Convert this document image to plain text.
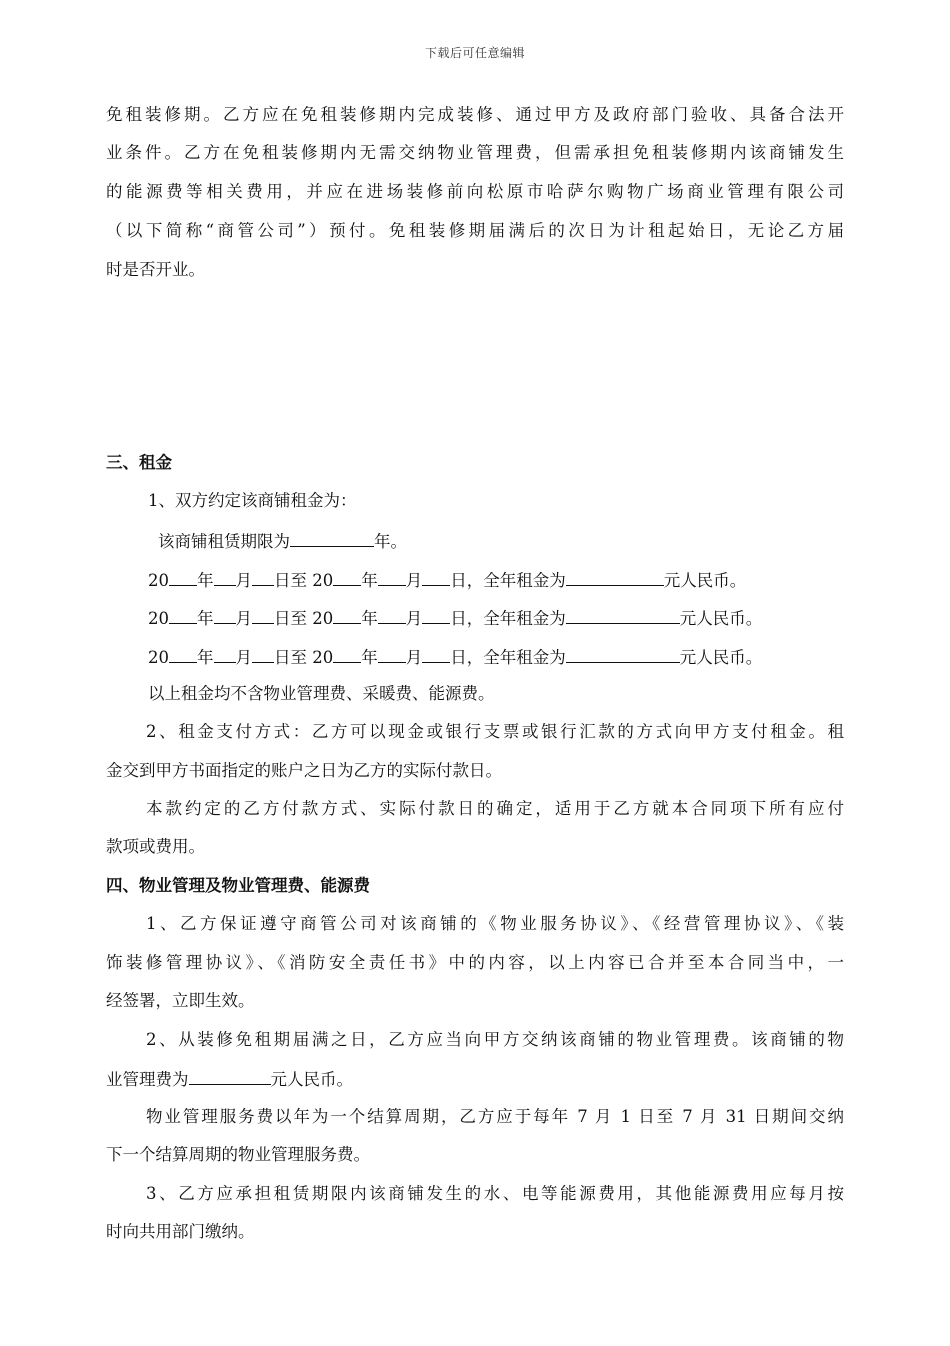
下载后可任意编辑
免租装修期。乙方应在免租装修期内完成装修、通过甲方及政府部门验收、具备合法开
业条件。乙方在免租装修期内无需交纳物业管理费，但需承担免租装修期内该商铺发生
的能源费等相关费用，并应在进场装修前向松原市哈萨尔购物广场商业管理有限公司
（以下简称“商管公司”）预付。免租装修期届满后的次日为计租起始日，无论乙方届
时是否开业。
三、租金
1、双方约定该商铺租金为：
该商铺租赁期限为	年。
20 年 月 日至 20 年 月 日，全年租金为	元人民币。
20 年 月 日至 20 年 月 日，全年租金为	元人民币。
20 年 月 日至 20 年 月 日，全年租金为	元人民币。
以上租金均不含物业管理费、采暖费、能源费。
2、租金支付方式：乙方可以现金或银行支票或银行汇款的方式向甲方支付租金。租
金交到甲方书面指定的账户之日为乙方的实际付款日。
本款约定的乙方付款方式、实际付款日的确定，适用于乙方就本合同项下所有应付
款项或费用。
四、物业管理及物业管理费、能源费
1、乙方保证遵守商管公司对该商铺的《物业服务协议》、《经营管理协议》、《装
饰装修管理协议》、《消防安全责任书》中的内容，以上内容已合并至本合同当中，一
经签署，立即生效。
2、从装修免租期届满之日，乙方应当向甲方交纳该商铺的物业管理费。该商铺的物
业管理费为	元人民币。
物业管理服务费以年为一个结算周期，乙方应于每年 7 月 1 日至 7 月 31 日期间交纳
下一个结算周期的物业管理服务费。
3、乙方应承担租赁期限内该商铺发生的水、电等能源费用，其他能源费用应每月按
时向共用部门缴纳。
